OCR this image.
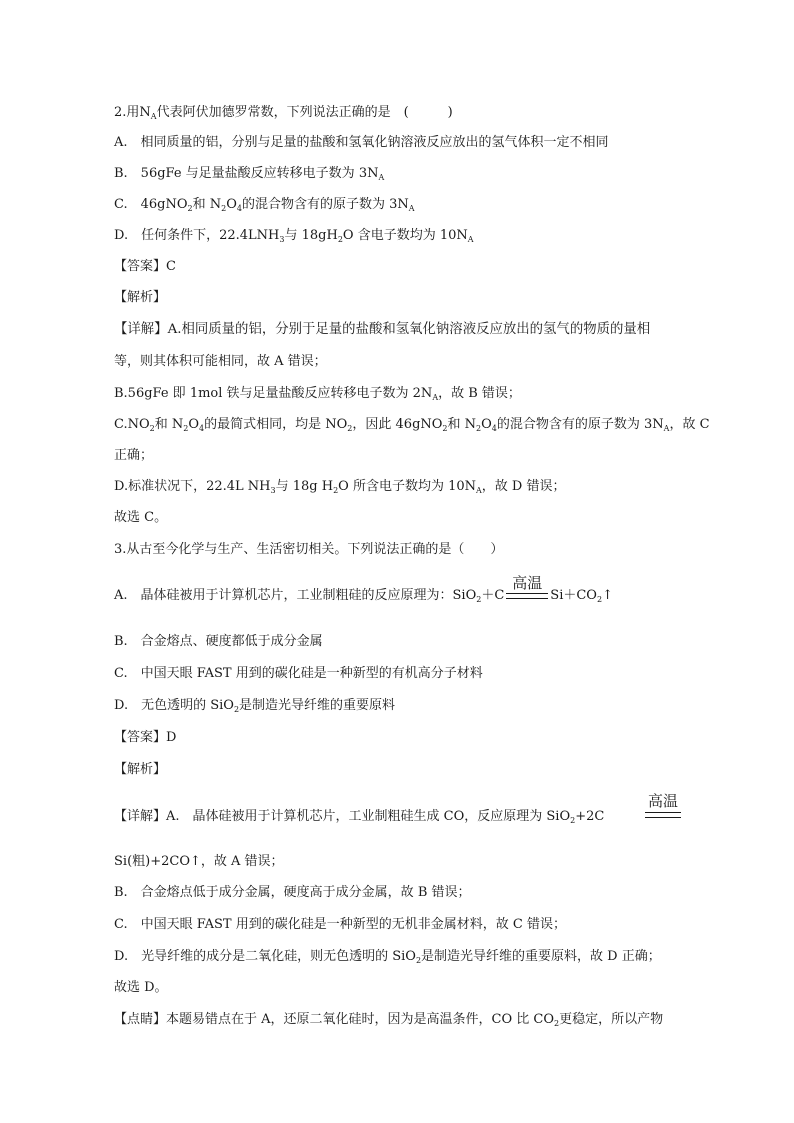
2.用$N_A$代表阿伏加德罗常数，下列说法正确的是　(　　　)
A.　相同质量的铝，分别与足量的盐酸和氢氧化钠溶液反应放出的氢气体积一定不相同
B.　56gFe 与足量盐酸反应转移电子数为 $3N_A$
C.　46gNO$_2$和 $N_2O_4$的混合物含有的原子数为 $3N_A$
D.　任何条件下，$22.4LNH_3$与 $18gH_2O$ 含电子数均为 $10N_A$
【答案】C
【解析】
【详解】A.相同质量的铝，分别于足量的盐酸和氢氧化钠溶液反应放出的氢气的物质的量相
等，则其体积可能相同，故 A 错误；
B.56gFe 即 1mol 铁与足量盐酸反应转移电子数为 $2N_A$，故 B 错误；
$C.NO_2$和 $N_2O_4$的最简式相同，均是 $NO_2$，因此 46gNO$_2$和 $N_2O_4$的混合物含有的原子数为 $3N_A$，故 C
正确；
D.标准状况下，22.4L $NH_3$与 18g $H_2O$ 所含电子数均为 $10N_A$，故 D 错误；
故选 C。
3.从古至今化学与生产、生活密切相关。下列说法正确的是（　　）
A.　晶体硅被用于计算机芯片，工业制粗硅的反应原理为：SiO$_2$＋C
高温
$Si+CO_2↑$
B.　合金熔点、硬度都低于成分金属
C.　中国天眼 FAST 用到的碳化硅是一种新型的有机高分子材料
D.　无色透明的 SiO$_2$是制造光导纤维的重要原料
【答案】D
【解析】
【详解】A.　晶体硅被用于计算机芯片，工业制粗硅生成 CO，反应原理为 SiO$_2$+2C
高温
Si(粗)+2CO↑，故 A 错误；
B.　合金熔点低于成分金属，硬度高于成分金属，故 B 错误；
C.　中国天眼 FAST 用到的碳化硅是一种新型的无机非金属材料，故 C 错误；
D.　光导纤维的成分是二氧化硅，则无色透明的 SiO$_2$是制造光导纤维的重要原料，故 D 正确；
故选 D。
【点睛】本题易错点在于 A，还原二氧化硅时，因为是高温条件，CO 比 $CO_2$更稳定，所以产物
